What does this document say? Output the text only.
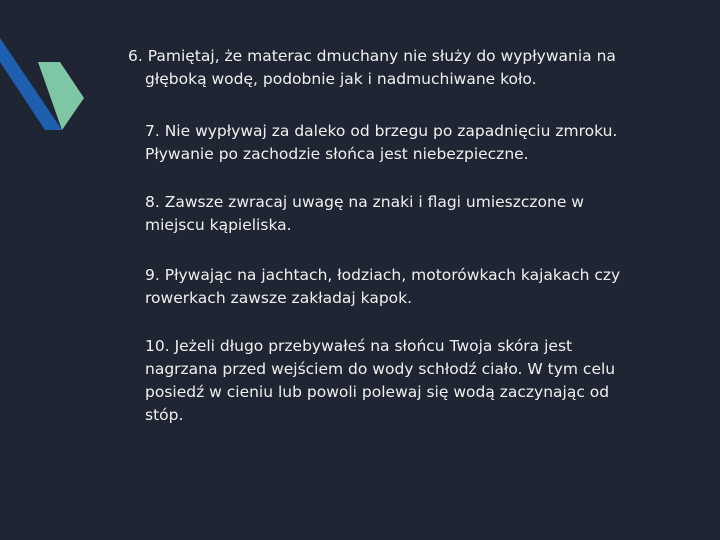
6. Pamiętaj, że materac dmuchany nie służy do wypływania na
głęboką wodę, podobnie jak i nadmuchiwane koło.

7. Nie wypływaj za daleko od brzegu po zapadnięciu zmroku.
Pływanie po zachodzie słońca jest niebezpieczne.

8. Zawsze zwracaj uwagę na znaki i flagi umieszczone w
miejscu kąpieliska.

9. Pływając na jachtach, łodziach, motorówkach kajakach czy
rowerkach zawsze zakładaj kapok.

10. Jeżeli długo przebywałeś na słońcu Twoja skóra jest
nagrzana przed wejściem do wody schłodź ciało. W tym celu
posiedź w cieniu lub powoli polewaj się wodą zaczynając od
stóp.
